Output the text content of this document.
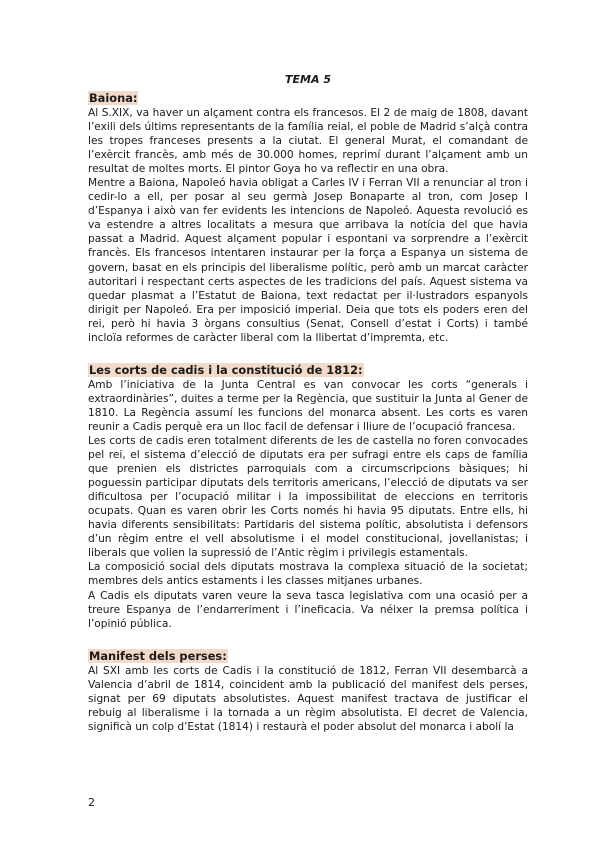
TEMA 5

Baiona:

Al S.XIX, va haver un alçament contra els francesos. El 2 de maig de 1808, davant l’exili dels últims representants de la família reial, el poble de Madrid s’alçà contra les tropes franceses presents a la ciutat. El general Murat, el comandant de l’exèrcit francès, amb més de 30.000 homes, reprimí durant l’alçament amb un resultat de moltes morts. El pintor Goya ho va reflectir en una obra.

Mentre a Baiona, Napoleó havia obligat a Carles IV i Ferran VII a renunciar al tron i cedir-lo a ell, per posar al seu germà Josep Bonaparte al tron, com Josep I d’Espanya i això van fer evidents les intencions de Napoleó. Aquesta revolució es va estendre a altres localitats a mesura que arribava la notícia del que havia passat a Madrid. Aquest alçament popular i espontani va sorprendre a l’exèrcit francès. Els francesos intentaren instaurar per la força a Espanya un sistema de govern, basat en els principis del liberalisme polític, però amb un marcat caràcter autoritari i respectant certs aspectes de les tradicions del país. Aquest sistema va quedar plasmat a l’Estatut de Baiona, text redactat per il·lustradors espanyols dirigit per Napoleó. Era per imposició imperial. Deia que tots els poders eren del rei, però hi havia 3 òrgans consultius (Senat, Consell d’estat i Corts) i també incloïa reformes de caràcter liberal com la llibertat d’impremta, etc.

Les corts de cadis i la constitució de 1812:

Amb l’iniciativa de la Junta Central es van convocar les corts “generals i extraordinàries”, duites a terme per la Regència, que sustituir la Junta al Gener de 1810. La Regència assumí les funcions del monarca absent. Les corts es varen reunir a Cadis perquè era un lloc facil de defensar i lliure de l’ocupació francesa.

Les corts de cadis eren totalment diferents de les de castella no foren convocades pel rei, el sistema d’elecció de diputats era per sufragi entre els caps de família que prenien els districtes parroquials com a circumscripcions bàsiques; hi poguessin participar diputats dels territoris americans, l’elecció de diputats va ser dificultosa per l’ocupació militar i la impossibilitat de eleccions en territoris ocupats. Quan es varen obrir les Corts només hi havia 95 diputats. Entre ells, hi havia diferents sensibilitats: Partidaris del sistema polític, absolutista i defensors d’un règim entre el vell absolutisme i el model constitucional, jovellanistas; i liberals que volien la supressió de l’Antic règim i privilegis estamentals.

La composició social dels diputats mostrava la complexa situació de la societat; membres dels antics estaments i les classes mitjanes urbanes.

A Cadis els diputats varen veure la seva tasca legislativa com una ocasió per a treure Espanya de l’endarreriment i l’ineficacia. Va néixer la premsa política i l’opinió pública.

Manifest dels perses:

Al SXI amb les corts de Cadis i la constitució de 1812, Ferran VII desembarcà a Valencia d’abril de 1814, coincident amb la publicació del manifest dels perses, signat per 69 diputats absolutistes. Aquest manifest tractava de justificar el rebuig al liberalisme i la tornada a un règim absolutista. El decret de Valencia, significà un colp d’Estat (1814) i restaurà el poder absolut del monarca i abolí la

2
